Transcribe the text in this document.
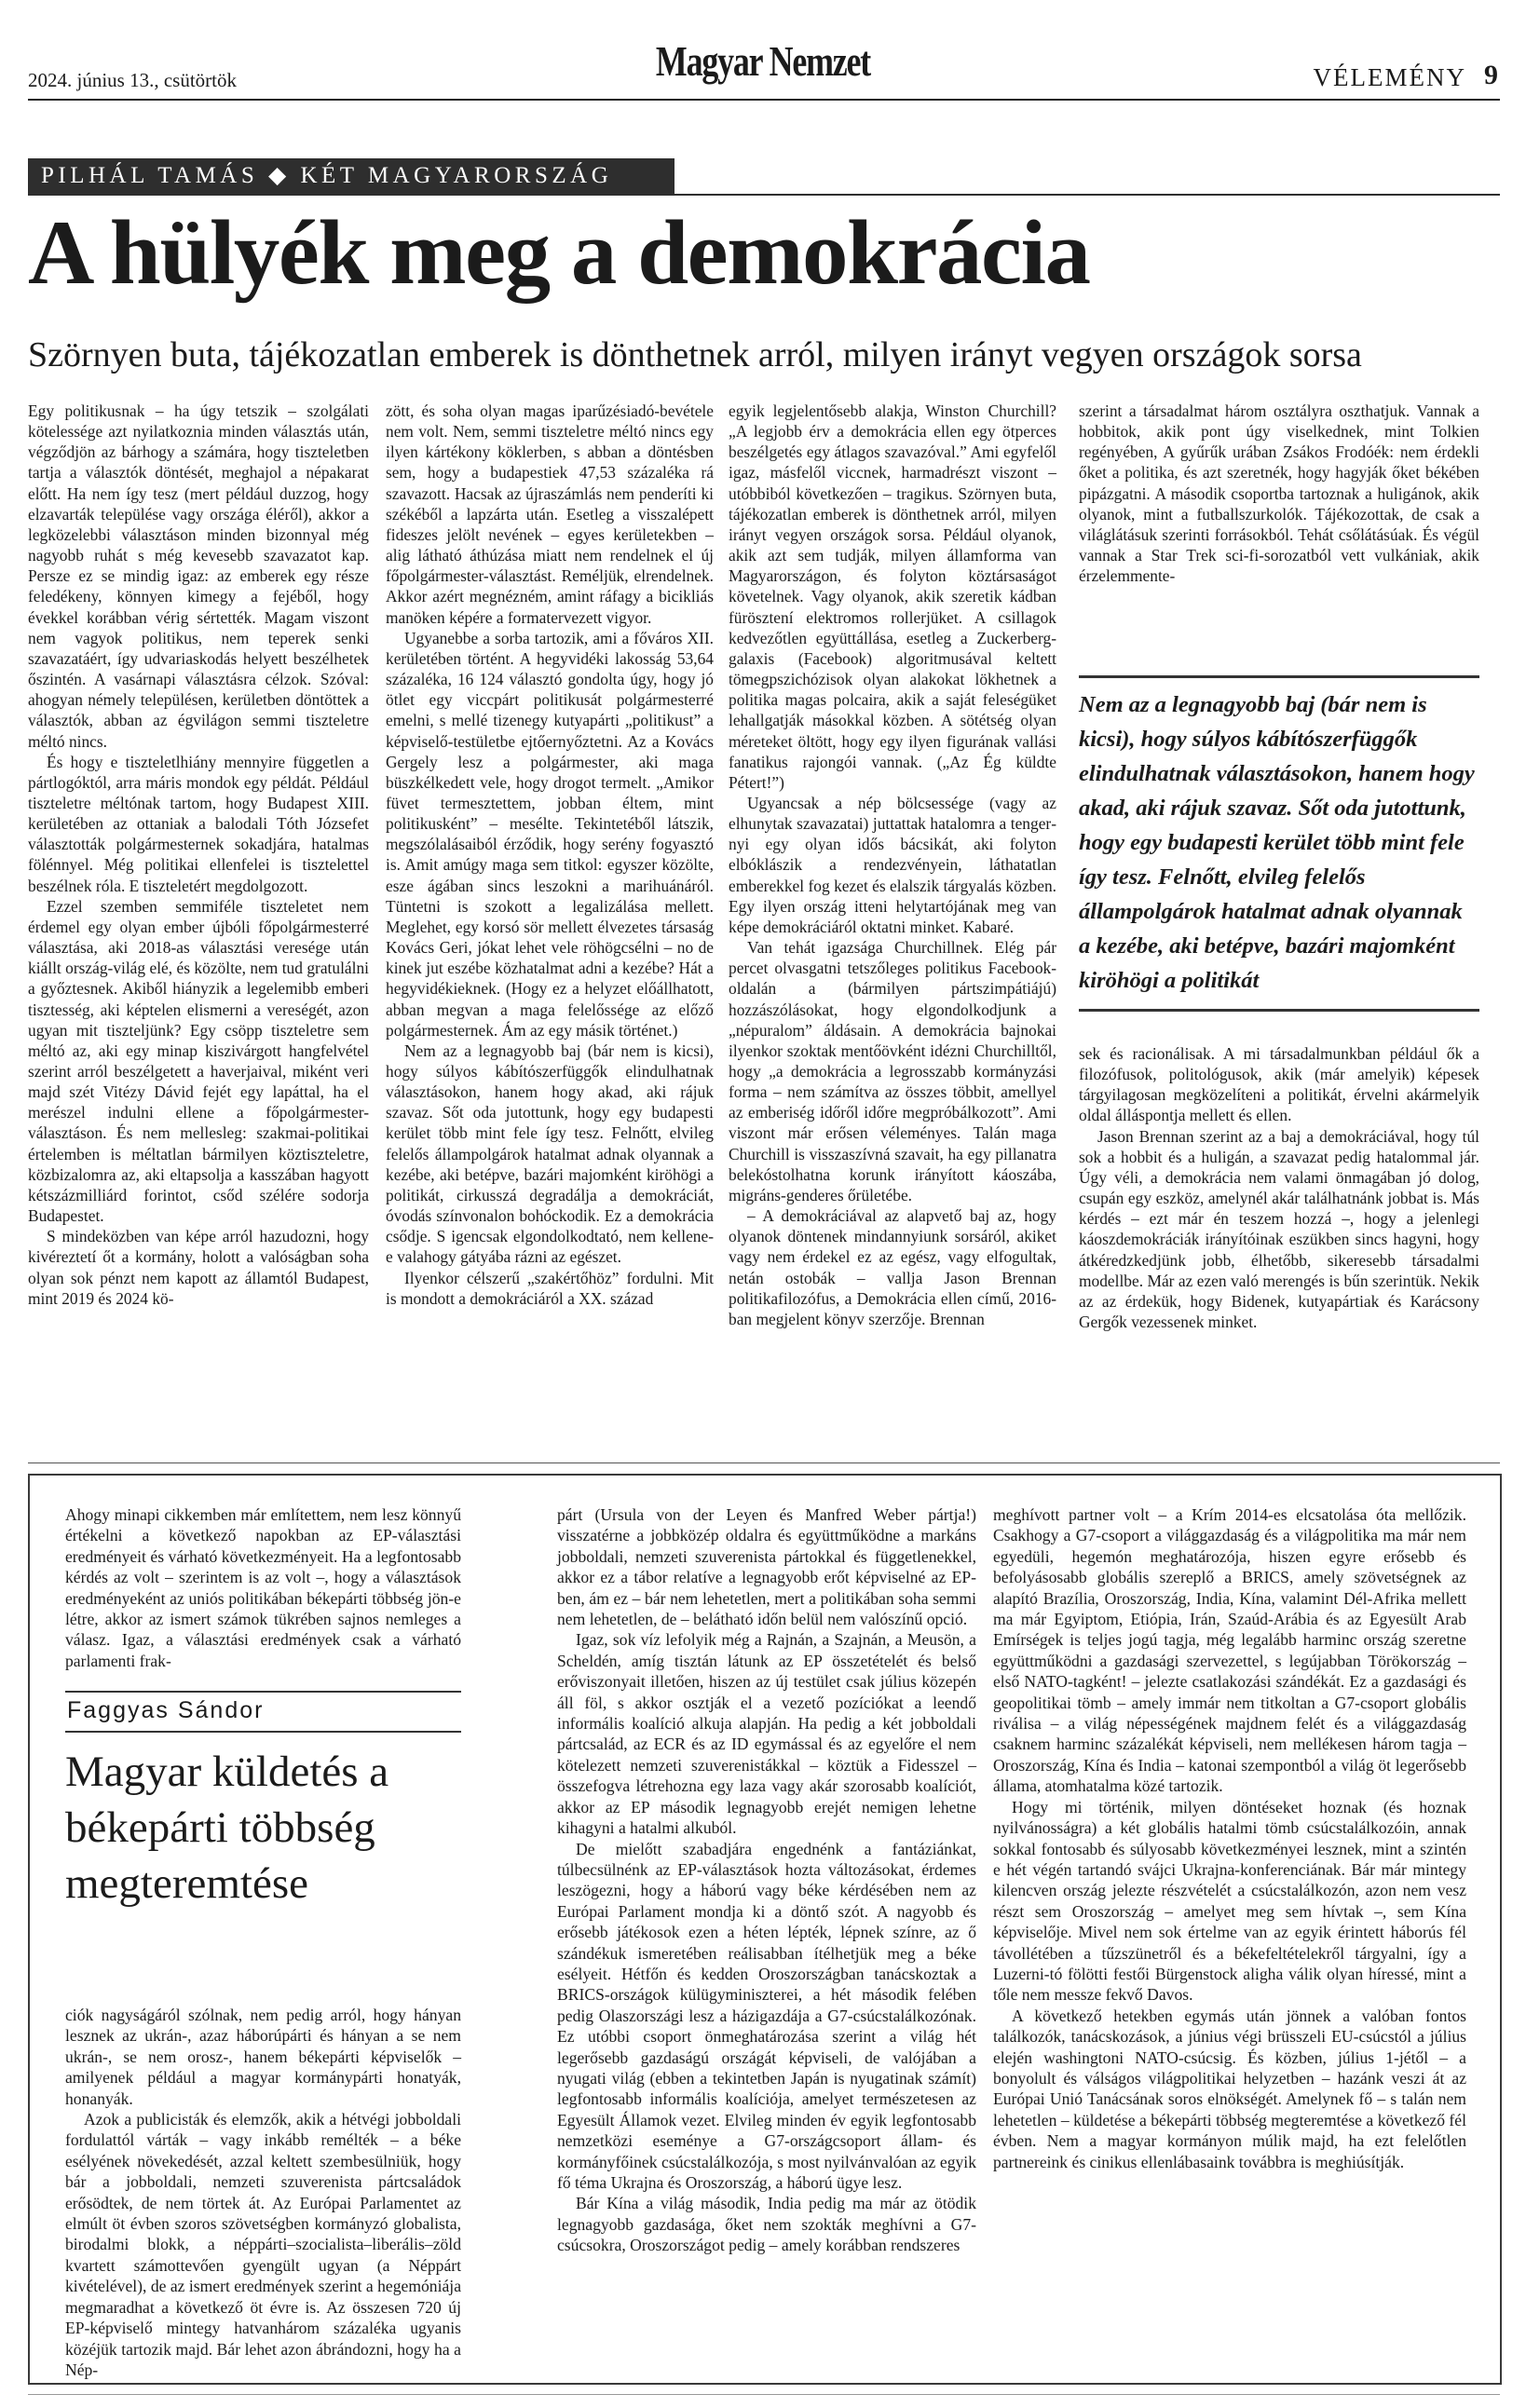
2024. június 13., csütörtök	Magyar Nemzet	VÉLEMÉNY 9
PILHÁL TAMÁS ◆ KÉT MAGYARORSZÁG
A hülyék meg a demokrácia
Szörnyen buta, tájékozatlan emberek is dönthetnek arról, milyen irányt vegyen országok sorsa

Egy politikusnak – ha úgy tetszik – szolgálati kötelessége azt nyilatkoznia minden választás után, végződjön az bárhogy a számára, hogy tiszteletben tartja a választók döntését, meghajol a népakarat előtt. Ha nem így tesz (mert például duzzog, hogy elzavarták települése vagy országa éléről), akkor a legközelebbi választáson minden bizonnyal még nagyobb ruhát s még kevesebb szavazatot kap. Persze ez se mindig igaz: az emberek egy része feledékeny, könnyen kimegy a fejéből, hogy évekkel korábban vérig sértették. Magam viszont nem vagyok politikus, nem teperek senki szavazatáért, így udvariaskodás helyett beszélhetek őszintén. A vasárnapi választásra célzok. Szóval: ahogyan némely településen, kerületben döntöttek a választók, abban az égvilágon semmi tiszteletre méltó nincs.

És hogy e tiszteletlhiány mennyire független a pártlogóktól, arra máris mondok egy példát. Például tiszteletre méltónak tartom, hogy Budapest XIII. kerületében az ottaniak a balodali Tóth Józsefet választották polgármesternek sokadjára, hatalmas fölénnyel. Még politikai ellenfelei is tisztelettel beszélnek róla. E tiszteletért megdolgozott.

Ezzel szemben semmiféle tiszteletet nem érdemel egy olyan ember újbóli főpolgármesterré választása, aki 2018-as választási veresége után kiállt ország-világ elé, és közölte, nem tud gratulálni a győztesnek. Akiből hiányzik a legelemibb emberi tisztesség, aki képtelen elismerni a vereségét, azon ugyan mit tiszteljünk? Egy csöpp tiszteletre sem méltó az, aki egy minap kiszivárgott hangfelvétel szerint arról beszélgetett a haverjaival, miként veri majd szét Vitézy Dávid fejét egy lapáttal, ha el merészel indulni ellene a főpolgármester-választáson. És nem mellesleg: szakmai-politikai értelemben is méltatlan bármilyen köztiszteletre, közbizalomra az, aki eltapsolja a kasszában hagyott kétszázmilliárd forintot, csőd szélére sodorja Budapestet.

S mindeközben van képe arról hazudozni, hogy kivéreztetí őt a kormány, holott a valóságban soha olyan sok pénzt nem kapott az államtól Budapest, mint 2019 és 2024 kö-

zött, és soha olyan magas iparűzésiadó-bevétele nem volt. Nem, semmi tiszteletre méltó nincs egy ilyen kártékony köklerben, s abban a döntésben sem, hogy a budapestiek 47,53 százaléka rá szavazott. Hacsak az újraszámlás nem penderíti ki székéből a lapzárta után. Esetleg a visszalépett fideszes jelölt nevének – egyes kerületekben – alig látható áthúzása miatt nem rendelnek el új főpolgármester-választást. Reméljük, elrendelnek. Akkor azért megnézném, amint ráfagy a bicikliás manöken képére a formatervezett vigyor.

Ugyanebbe a sorba tartozik, ami a főváros XII. kerületében történt. A hegyvidéki lakosság 53,64 százaléka, 16 124 választó gondolta úgy, hogy jó ötlet egy viccpárt politikusát polgármesterré emelni, s mellé tizenegy kutyapárti „politikust” a képviselő-testületbe ejtőernyőztetni. Az a Kovács Gergely lesz a polgármester, aki maga büszkélkedett vele, hogy drogot termelt. „Amikor füvet termesztettem, jobban éltem, mint politikusként” – mesélte. Tekintetéből látszik, megszólalásaiból érződik, hogy serény fogyasztó is. Amit amúgy maga sem titkol: egyszer közölte, esze ágában sincs leszokni a marihuánáról. Tüntetni is szokott a legalizálása mellett. Meglehet, egy korsó sör mellett élvezetes társaság Kovács Geri, jókat lehet vele röhögcsélni – no de kinek jut eszébe közhatalmat adni a kezébe? Hát a hegyvidékieknek. (Hogy ez a helyzet előállhatott, abban megvan a maga felelőssége az előző polgármesternek. Ám az egy másik történet.)

Nem az a legnagyobb baj (bár nem is kicsi), hogy súlyos kábítószerfüggők elindulhatnak választásokon, hanem hogy akad, aki rájuk szavaz. Sőt oda jutottunk, hogy egy budapesti kerület több mint fele így tesz. Felnőtt, elvileg felelős állampolgárok hatalmat adnak olyannak a kezébe, aki betépve, bazári majomként kiröhögi a politikát, cirkusszá degradálja a demokráciát, óvodás színvonalon bohóckodik. Ez a demokrácia csődje. S igencsak elgondolkodtató, nem kellene-e valahogy gátyába rázni az egészet.

Ilyenkor célszerű „szakértőhöz” fordulni. Mit is mondott a demokráciáról a XX. század

egyik legjelentősebb alakja, Winston Churchill? „A legjobb érv a demokrácia ellen egy ötperces beszélgetés egy átlagos szavazóval.” Ami egyfelől igaz, másfelől viccnek, harmadrészt viszont – utóbbiból következően – tragikus. Szörnyen buta, tájékozatlan emberek is dönthetnek arról, milyen irányt vegyen országok sorsa. Például olyanok, akik azt sem tudják, milyen államforma van Magyarországon, és folyton köztársaságot követelnek. Vagy olyanok, akik szeretik kádban fürösztení elektromos rollerjüket. A csillagok kedvezőtlen együttállása, esetleg a Zuckerberg-galaxis (Facebook) algoritmusával keltett tömegpszichózisok olyan alakokat lökhetnek a politika magas polcaira, akik a saját feleségüket lehallgatják másokkal közben. A sötétség olyan méreteket öltött, hogy egy ilyen figurának vallási fanatikus rajongói vannak. („Az Ég küldte Pétert!”)

Ugyancsak a nép bölcsessége (vagy az elhunytak szavazatai) juttattak hatalomra a tengernyi egy olyan idős bácsikát, aki folyton elbóklászik a rendezvényein, láthatatlan emberekkel fog kezet és elalszik tárgyalás közben. Egy ilyen ország itteni helytartójának meg van képe demokráciáról oktatni minket. Kabaré.

Van tehát igazsága Churchillnek. Elég pár percet olvasgatni tetszőleges politikus Facebook-oldalán a (bármilyen pártszimpátiájú) hozzászólásokat, hogy elgondolkodjunk a „népuralom” áldásain. A demokrácia bajnokai ilyenkor szoktak mentőövként idézni Churchilltől, hogy „a demokrácia a legrosszabb kormányzási forma – nem számítva az összes többit, amellyel az emberiség időről időre megpróbálkozott”. Ami viszont már erősen véleményes. Talán maga Churchill is visszaszívná szavait, ha egy pillanatra belekóstolhatna korunk irányított káoszába, migráns-genderes őrületébe.

– A demokráciával az alapvető baj az, hogy olyanok döntenek mindannyiunk sorsáról, akiket vagy nem érdekel ez az egész, vagy elfogultak, netán ostobák – vallja Jason Brennan politikafilozófus, a Demokrácia ellen című, 2016-ban megjelent könyv szerzője. Brennan

szerint a társadalmat három osztályra oszthatjuk. Vannak a hobbitok, akik pont úgy viselkednek, mint Tolkien regényében, A gyűrűk urában Zsákos Frodóék: nem érdekli őket a politika, és azt szeretnék, hogy hagyják őket békében pipázgatni. A második csoportba tartoznak a huligánok, akik olyanok, mint a futballszurkolók. Tájékozottak, de csak a világlátásuk szerinti forrásokból. Tehát csőlátásúak. És végül vannak a Star Trek sci-fi-sorozatból vett vulkániak, akik érzelemmente-

Nem az a legnagyobb baj (bár nem is kicsi), hogy súlyos kábítószerfüggők elindulhatnak választásokon, hanem hogy akad, aki rájuk szavaz. Sőt oda jutottunk, hogy egy budapesti kerület több mint fele így tesz. Felnőtt, elvileg felelős állampolgárok hatalmat adnak olyannak a kezébe, aki betépve, bazári majomként kiröhögi a politikát

sek és racionálisak. A mi társadalmunkban például ők a filozófusok, politológusok, akik (már amelyik) képesek tárgyilagosan megközelíteni a politikát, érvelni akármelyik oldal álláspontja mellett és ellen.

Jason Brennan szerint az a baj a demokráciával, hogy túl sok a hobbit és a huligán, a szavazat pedig hatalommal jár. Úgy véli, a demokrácia nem valami önmagában jó dolog, csupán egy eszköz, amelynél akár találhatnánk jobbat is. Más kérdés – ezt már én teszem hozzá –, hogy a jelenlegi káoszdemokráciák irányítóinak eszükben sincs hagyni, hogy átkéredzkedjünk jobb, élhetőbb, sikeresebb társadalmi modellbe. Már az ezen való merengés is bűn szerintük. Nekik az az érdekük, hogy Bidenek, kutyapártiak és Karácsony Gergők vezessenek minket.

Ahogy minapi cikkemben már említettem, nem lesz könnyű értékelni a következő napokban az EP-választási eredményeit és várható következményeit. Ha a legfontosabb kérdés az volt – szerintem is az volt –, hogy a választások eredményeként az uniós politikában békepárti többség jön-e létre, akkor az ismert számok tükrében sajnos nemleges a válasz. Igaz, a választási eredmények csak a várható parlamenti frak-

Faggyas Sándor
Magyar küldetés a békepárti többség megteremtése

ciók nagyságáról szólnak, nem pedig arról, hogy hányan lesznek az ukrán-, azaz háborúpárti és hányan a se nem ukrán-, se nem orosz-, hanem békepárti képviselők – amilyenek például a magyar kormánypárti honatyák, honanyák.

Azok a publicisták és elemzők, akik a hétvégi jobboldali fordulattól várták – vagy inkább remélték – a béke esélyének növekedését, azzal keltett szembesülniük, hogy bár a jobboldali, nemzeti szuverenista pártcsaládok erősödtek, de nem törtek át. Az Európai Parlamentet az elmúlt öt évben szoros szövetségben kormányzó globalista, birodalmi blokk, a néppárti–szocialista–liberális–zöld kvartett számottevően gyengült ugyan (a Néppárt kivételével), de az ismert eredmények szerint a hegemóniája megmaradhat a következő öt évre is. Az összesen 720 új EP-képviselő mintegy hatvanhárom százaléka ugyanis közéjük tartozik majd. Bár lehet azon ábrándozni, hogy ha a Nép-

párt (Ursula von der Leyen és Manfred Weber pártja!) visszatérne a jobbközép oldalra és együttműködne a markáns jobboldali, nemzeti szuverenista pártokkal és függetlenekkel, akkor ez a tábor relatíve a legnagyobb erőt képviselné az EP-ben, ám ez – bár nem lehetetlen, mert a politikában soha semmi nem lehetetlen, de – belátható időn belül nem valószínű opció.

Igaz, sok víz lefolyik még a Rajnán, a Szajnán, a Meusön, a Scheldén, amíg tisztán látunk az EP összetételét és belső erőviszonyait illetően, hiszen az új testület csak július közepén áll föl, s akkor osztják el a vezető pozíciókat a leendő informális koalíció alkuja alapján. Ha pedig a két jobboldali pártcsalád, az ECR és az ID egymással és az egyelőre el nem kötelezett nemzeti szuverenistákkal – köztük a Fidesszel – összefogva létrehozna egy laza vagy akár szorosabb koalíciót, akkor az EP második legnagyobb erejét nemigen lehetne kihagyni a hatalmi alkuból.

De mielőtt szabadjára engednénk a fantáziánkat, túlbecsülnénk az EP-választások hozta változásokat, érdemes leszögezni, hogy a háború vagy béke kérdésében nem az Európai Parlament mondja ki a döntő szót. A nagyobb és erősebb játékosok ezen a héten lépték, lépnek színre, az ő szándékuk ismeretében reálisabban ítélhetjük meg a béke esélyeit. Hétfőn és kedden Oroszországban tanácskoztak a BRICS-országok külügyminiszterei, a hét második felében pedig Olaszországi lesz a házigazdája a G7-csúcstalálkozónak. Ez utóbbi csoport önmeghatározása szerint a világ hét legerősebb gazdaságú országát képviseli, de valójában a nyugati világ (ebben a tekintetben Japán is nyugatinak számít) legfontosabb informális koalíciója, amelyet természetesen az Egyesült Államok vezet. Elvileg minden év egyik legfontosabb nemzetközi eseménye a G7-országcsoport állam- és kormányfőinek csúcstalálkozója, s most nyilvánvalóan az egyik fő téma Ukrajna és Oroszország, a háború ügye lesz.

Bár Kína a világ második, India pedig ma már az ötödik legnagyobb gazdasága, őket nem szokták meghívni a G7-csúcsokra, Oroszországot pedig – amely korábban rendszeres

meghívott partner volt – a Krím 2014-es elcsatolása óta mellőzik. Csakhogy a G7-csoport a világgazdaság és a világpolitika ma már nem egyedüli, hegemón meghatározója, hiszen egyre erősebb és befolyásosabb globális szereplő a BRICS, amely szövetségnek az alapító Brazília, Oroszország, India, Kína, valamint Dél-Afrika mellett ma már Egyiptom, Etiópia, Irán, Szaúd-Arábia és az Egyesült Arab Emírségek is teljes jogú tagja, még legalább harminc ország szeretne együttműködni a gazdasági szervezettel, s legújabban Törökország – első NATO-tagként! – jelezte csatlakozási szándékát. Ez a gazdasági és geopolitikai tömb – amely immár nem titkoltan a G7-csoport globális riválisa – a világ népességének majdnem felét és a világgazdaság csaknem harminc százalékát képviseli, nem mellékesen három tagja – Oroszország, Kína és India – katonai szempontból a világ öt legerősebb állama, atomhatalma közé tartozik.

Hogy mi történik, milyen döntéseket hoznak (és hoznak nyilvánosságra) a két globális hatalmi tömb csúcstalálkozóin, annak sokkal fontosabb és súlyosabb következményei lesznek, mint a szintén e hét végén tartandó svájci Ukrajna-konferenciának. Bár már mintegy kilencven ország jelezte részvételét a csúcstalálkozón, azon nem vesz részt sem Oroszország – amelyet meg sem hívtak –, sem Kína képviselője. Mivel nem sok értelme van az egyik érintett háborús fél távollétében a tűzszünetről és a békefeltételekről tárgyalni, így a Luzerni-tó fölötti festői Bürgenstock aligha válik olyan híressé, mint a tőle nem messze fekvő Davos.

A következő hetekben egymás után jönnek a valóban fontos találkozók, tanácskozások, a június végi brüsszeli EU-csúcstól a július elején washingtoni NATO-csúcsig. És közben, július 1-jétől – a bonyolult és válságos világpolitikai helyzetben – hazánk veszi át az Európai Unió Tanácsának soros elnökségét. Amelynek fő – s talán nem lehetetlen – küldetése a békepárti többség megteremtése a következő fél évben. Nem a magyar kormányon múlik majd, ha ezt felelőtlen partnereink és cinikus ellenlábasaink továbbra is meghiúsítják.
